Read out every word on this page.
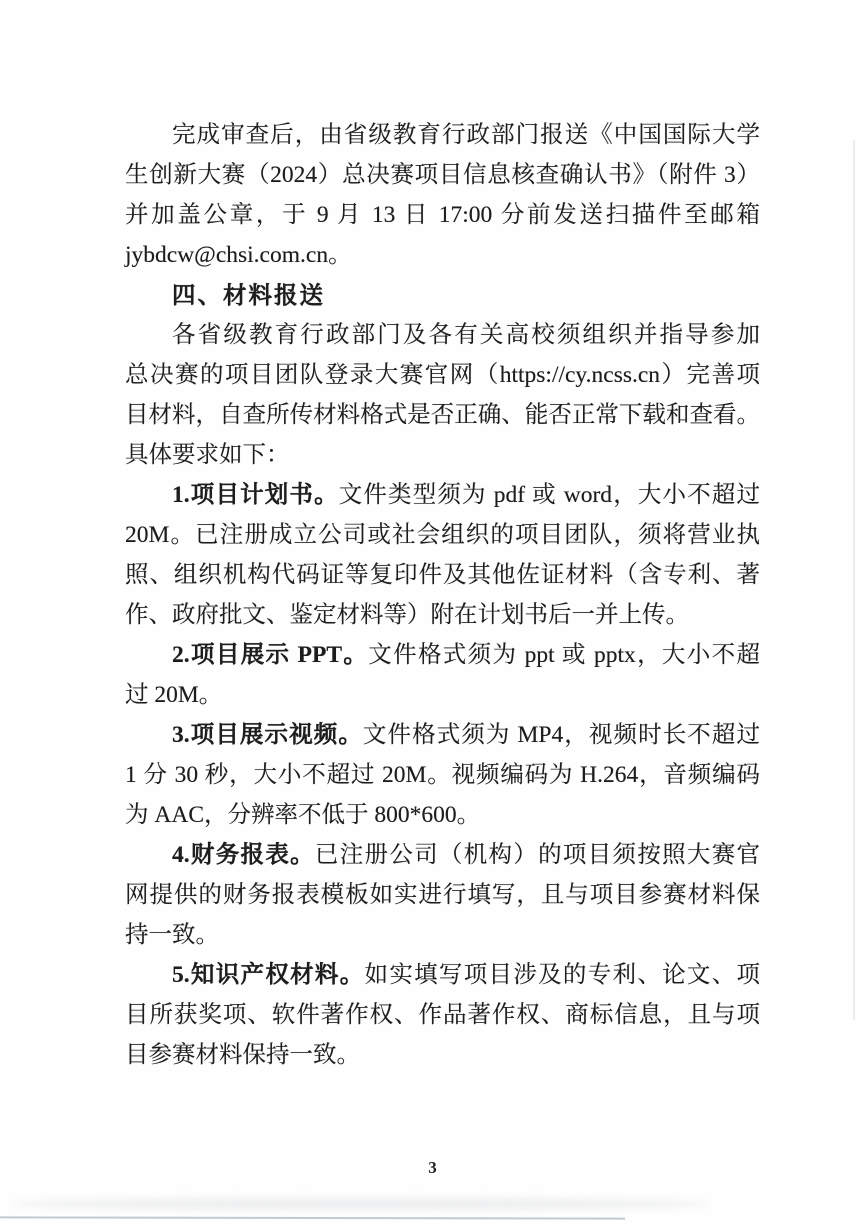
完成审查后，由省级教育行政部门报送《中国国际大学
生创新大赛（2024）总决赛项目信息核查确认书》（附件 3）
并加盖公章，于 9 月 13 日 17:00 分前发送扫描件至邮箱
jybdcw@chsi.com.cn。
四、材料报送
各省级教育行政部门及各有关高校须组织并指导参加
总决赛的项目团队登录大赛官网（https://cy.ncss.cn）完善项
目材料，自查所传材料格式是否正确、能否正常下载和查看。
具体要求如下：
1.项目计划书。文件类型须为 pdf 或 word，大小不超过
20M。已注册成立公司或社会组织的项目团队，须将营业执
照、组织机构代码证等复印件及其他佐证材料（含专利、著
作、政府批文、鉴定材料等）附在计划书后一并上传。
2.项目展示 PPT。文件格式须为 ppt 或 pptx，大小不超
过 20M。
3.项目展示视频。文件格式须为 MP4，视频时长不超过
1 分 30 秒，大小不超过 20M。视频编码为 H.264，音频编码
为 AAC，分辨率不低于 800*600。
4.财务报表。已注册公司（机构）的项目须按照大赛官
网提供的财务报表模板如实进行填写，且与项目参赛材料保
持一致。
5.知识产权材料。如实填写项目涉及的专利、论文、项
目所获奖项、软件著作权、作品著作权、商标信息，且与项
目参赛材料保持一致。
3
